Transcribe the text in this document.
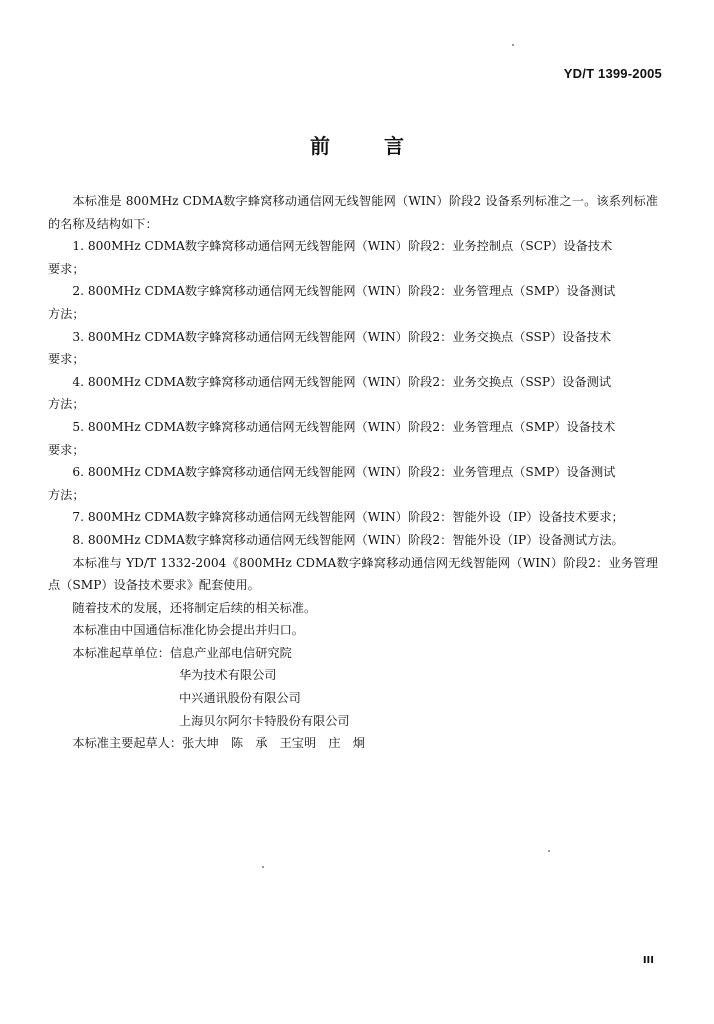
YD/T 1399-2005
前	言

本标准是 800MHz CDMA数字蜂窝移动通信网无线智能网（WIN）阶段2 设备系列标准之一。该系列标准的名称及结构如下：

1. 800MHz CDMA数字蜂窝移动通信网无线智能网（WIN）阶段2：业务控制点（SCP）设备技术

要求；

2. 800MHz CDMA数字蜂窝移动通信网无线智能网（WIN）阶段2：业务管理点（SMP）设备测试

方法；

3. 800MHz CDMA数字蜂窝移动通信网无线智能网（WIN）阶段2：业务交换点（SSP）设备技术

要求；

4. 800MHz CDMA数字蜂窝移动通信网无线智能网（WIN）阶段2：业务交换点（SSP）设备测试

方法；

5. 800MHz CDMA数字蜂窝移动通信网无线智能网（WIN）阶段2：业务管理点（SMP）设备技术

要求；

6. 800MHz CDMA数字蜂窝移动通信网无线智能网（WIN）阶段2：业务管理点（SMP）设备测试

方法；

7. 800MHz CDMA数字蜂窝移动通信网无线智能网（WIN）阶段2：智能外设（IP）设备技术要求；

8. 800MHz CDMA数字蜂窝移动通信网无线智能网（WIN）阶段2：智能外设（IP）设备测试方法。

本标准与 YD/T 1332-2004《800MHz CDMA数字蜂窝移动通信网无线智能网（WIN）阶段2：业务管理点（SMP）设备技术要求》配套使用。

随着技术的发展，还将制定后续的相关标准。

本标准由中国通信标准化协会提出并归口。

本标准起草单位：信息产业部电信研究院

华为技术有限公司

中兴通讯股份有限公司

上海贝尔阿尔卡特股份有限公司

本标准主要起草人：张大坤　陈　承　王宝明　庄　炯

III
